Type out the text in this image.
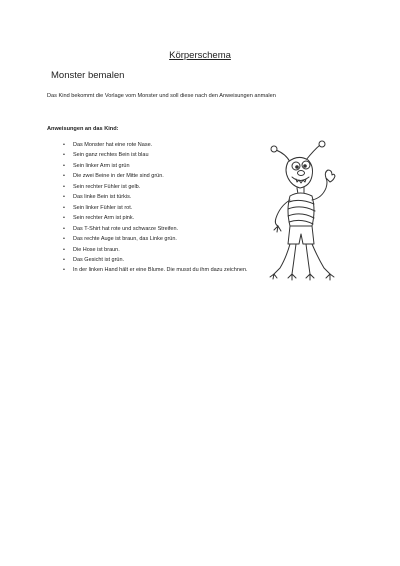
Körperschema
Monster bemalen
Das Kind bekommt die Vorlage vom Monster und soll diese nach den Anweisungen anmalen
Anweisungen an das Kind:
• Das Monster hat eine rote Nase.
• Sein ganz rechtes Bein ist blau
• Sein linker Arm ist grün
• Die zwei Beine in der Mitte sind grün.
• Sein rechter Fühler ist gelb.
• Das linke Bein ist türkis.
• Sein linker Fühler ist rot.
• Sein rechter Arm ist pink.
• Das T-Shirt hat rote und schwarze Streifen.
• Das rechte Auge ist braun, das Linke grün.
• Die Hose ist braun.
• Das Gesicht ist grün.
• In der linken Hand hält er eine Blume. Die musst du ihm dazu zeichnen.
